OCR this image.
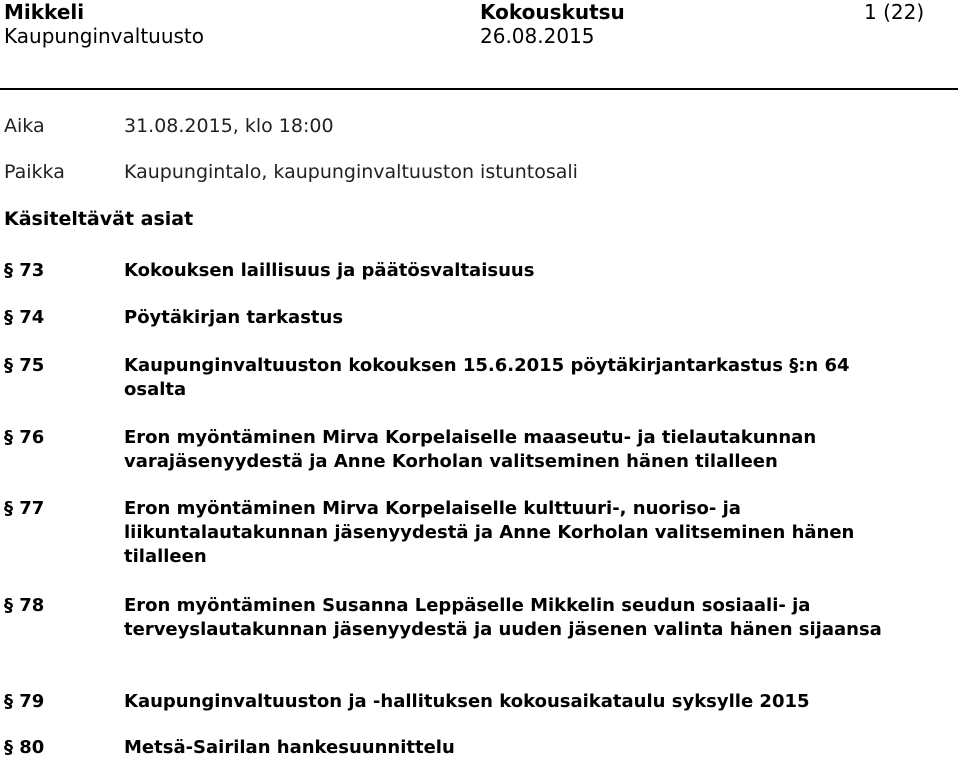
Mikkeli
Kaupunginvaltuusto
Kokouskutsu
26.08.2015
1 (22)
Aika	31.08.2015, klo 18:00
Paikka	Kaupungintalo, kaupunginvaltuuston istuntosali
Käsiteltävät asiat
§ 73	Kokouksen laillisuus ja päätösvaltaisuus
§ 74	Pöytäkirjan tarkastus
§ 75	Kaupunginvaltuuston kokouksen 15.6.2015 pöytäkirjantarkastus §:n 64 osalta
§ 76	Eron myöntäminen Mirva Korpelaiselle maaseutu- ja tielautakunnan varajäsenyydestä ja Anne Korholan valitseminen hänen tilalleen
§ 77	Eron myöntäminen Mirva Korpelaiselle kulttuuri-, nuoriso- ja liikuntalautakunnan jäsenyydestä ja Anne Korholan valitseminen hänen tilalleen
§ 78	Eron myöntäminen Susanna Leppäselle Mikkelin seudun sosiaali- ja terveyslautakunnan jäsenyydestä ja uuden jäsenen valinta hänen sijaansa
§ 79	Kaupunginvaltuuston ja -hallituksen kokousaikataulu syksylle 2015
§ 80	Metsä-Sairilan hankesuunnittelu
